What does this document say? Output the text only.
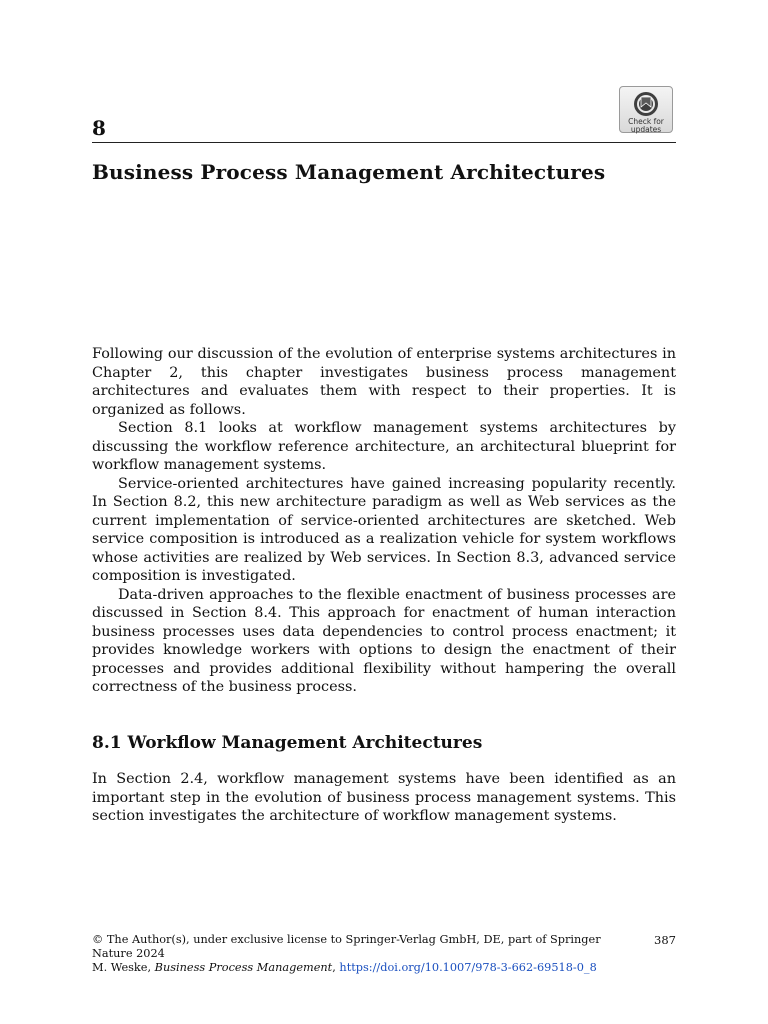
Check for updates
8
Business Process Management Architectures

Following our discussion of the evolution of enterprise systems architectures in Chapter 2, this chapter investigates business process management architectures and evaluates them with respect to their properties. It is organized as follows.

Section 8.1 looks at workflow management systems architectures by discussing the workflow reference architecture, an architectural blueprint for workflow management systems.

Service-oriented architectures have gained increasing popularity recently. In Section 8.2, this new architecture paradigm as well as Web services as the current implementation of service-oriented architectures are sketched. Web service composition is introduced as a realization vehicle for system workflows whose activities are realized by Web services. In Section 8.3, advanced service composition is investigated.

Data-driven approaches to the flexible enactment of business processes are discussed in Section 8.4. This approach for enactment of human interaction business processes uses data dependencies to control process enactment; it provides knowledge workers with options to design the enactment of their processes and provides additional flexibility without hampering the overall correctness of the business process.

8.1 Workflow Management Architectures

In Section 2.4, workflow management systems have been identified as an important step in the evolution of business process management systems. This section investigates the architecture of workflow management systems.

© The Author(s), under exclusive license to Springer-Verlag GmbH, DE, part of Springer Nature 2024
M. Weske, Business Process Management, https://doi.org/10.1007/978-3-662-69518-0_8
387
